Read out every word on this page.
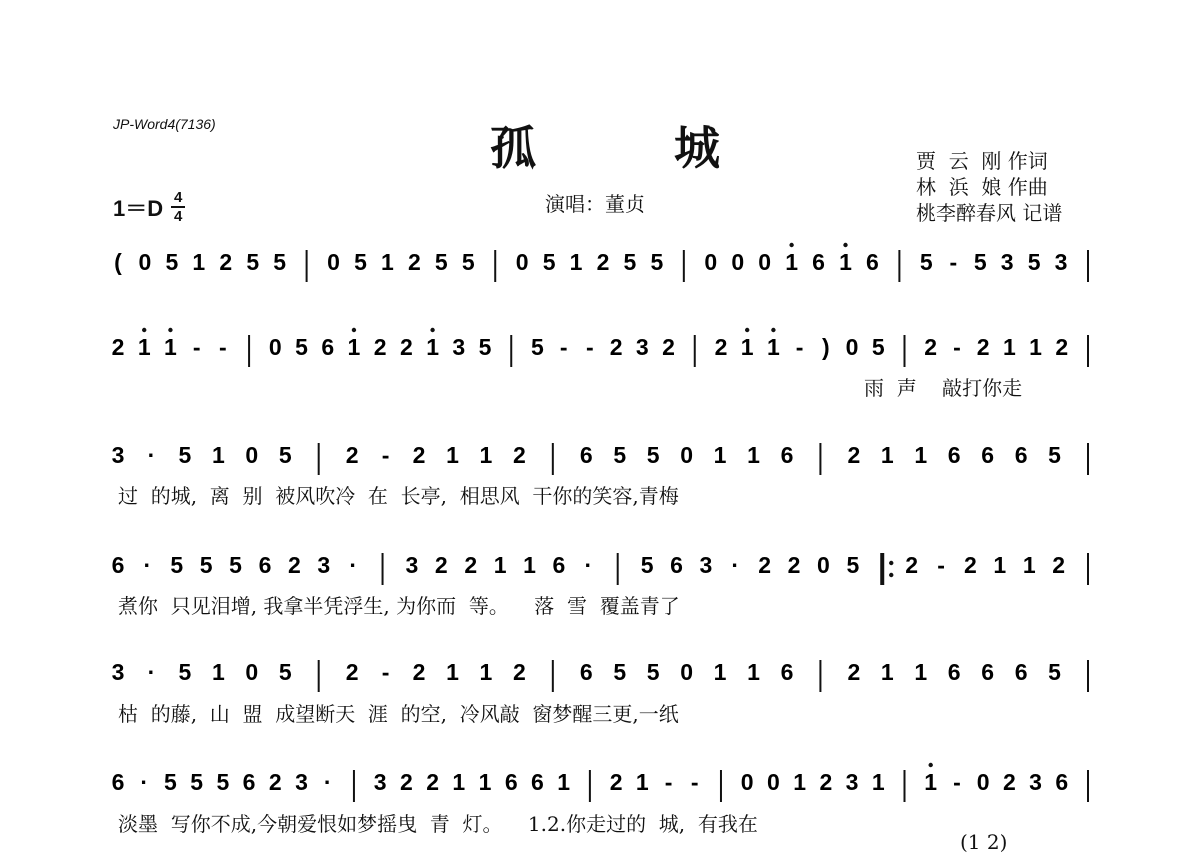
JP-Word4(7136)	孤	城
演唱：董贞
贾  云  刚 作词
林  浜  娘 作曲
桃李醉春风 记谱
1＝D 4
4
( 0 5 1 2 5 5 0 5 1 2 5 5 0 5 1 2 5 5 0 0 0 1 6 1 6 5 - 5 3 5 3
2 1 1 - - 0 5 6 1 2 2 1 3 5 5 - - 2 3 2 2 1 1 - ) 0 5 2 - 2 1 1 2
3 · 5 1 0 5 2 - 2 1 1 2 6 5 5 0 1 1 6 2 1 1 6 6 6 5
6 · 5 5 5 6 2 3 · 3 2 2 1 1 6 · 5 6 3 · 2 2 0 5 2 - 2 1 1 2
3 · 5 1 0 5 2 - 2 1 1 2 6 5 5 0 1 1 6 2 1 1 6 6 6 5
6 · 5 5 5 6 2 3 · 3 2 2 1 1 6 6 1 2 1 - - 0 0 1 2 3 1 1 - 0 2 3 6
雨  声    敲打你走
过  的城,  离  别  被风吹冷  在  长亭,  相思风  干你的笑容,青梅
煮你  只见泪增, 我拿半凭浮生, 为你而  等。    落  雪  覆盖青了
枯  的藤,  山  盟  成望断天  涯  的空,  冷风敲  窗梦醒三更,一纸
淡墨  写你不成,今朝爱恨如梦摇曳  青  灯。    1.2.你走过的  城,  有我在
(1 2)
